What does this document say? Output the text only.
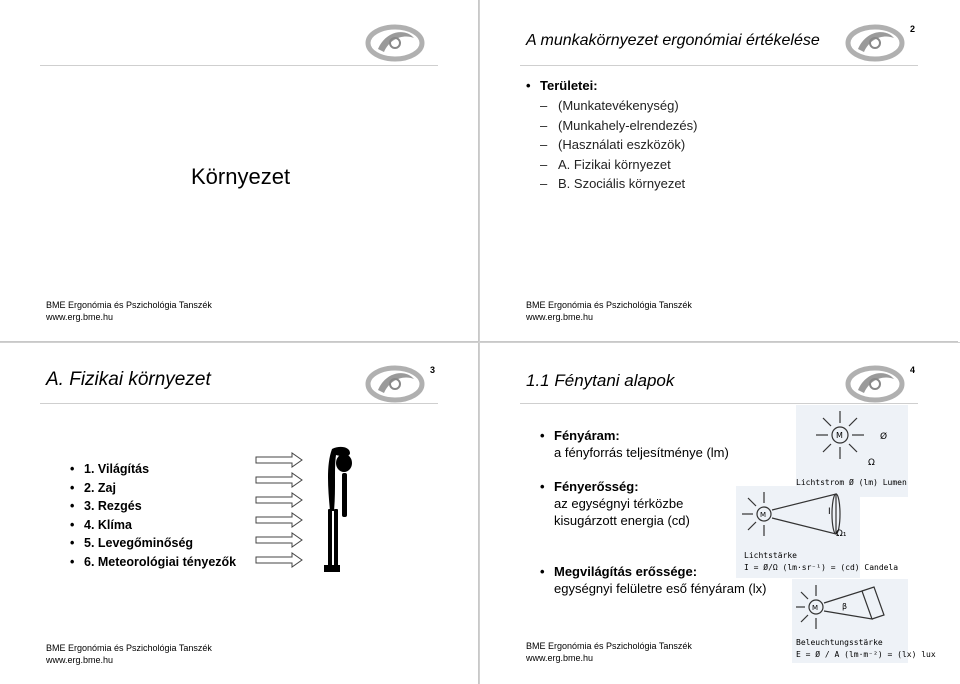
Környezet
BME Ergonómia és Pszichológia Tanszék
www.erg.bme.hu
2
A munkakörnyezet ergonómiai értékelése
• Területei:
– (Munkatevékenység)
– (Munkahely-elrendezés)
– (Használati eszközök)
– A. Fizikai környezet
– B. Szociális környezet
BME Ergonómia és Pszichológia Tanszék
www.erg.bme.hu
3
A. Fizikai környezet
• 1. Világítás
• 2. Zaj
• 3. Rezgés
• 4. Klíma
• 5. Levegőminőség
• 6. Meteorológiai tényezők
BME Ergonómia és Pszichológia Tanszék
www.erg.bme.hu
4
1.1 Fénytani alapok
• Fényáram:
a fényforrás teljesítménye (lm)
• Fényerősség:
az egységnyi térközbe
kisugárzott energia (cd)
• Megvilágítás erőssége:
egységnyi felületre eső fényáram (lx)
M	Ø
Ω
Lichtstrom Ø (lm) Lumen
M	I
Ω₁
Lichtstärke
I = Ø/Ω (lm·sr⁻¹) = (cd) Candela
M	β
Beleuchtungsstärke
E = Ø / A (lm·m⁻²) = (lx) lux
BME Ergonómia és Pszichológia Tanszék
www.erg.bme.hu
